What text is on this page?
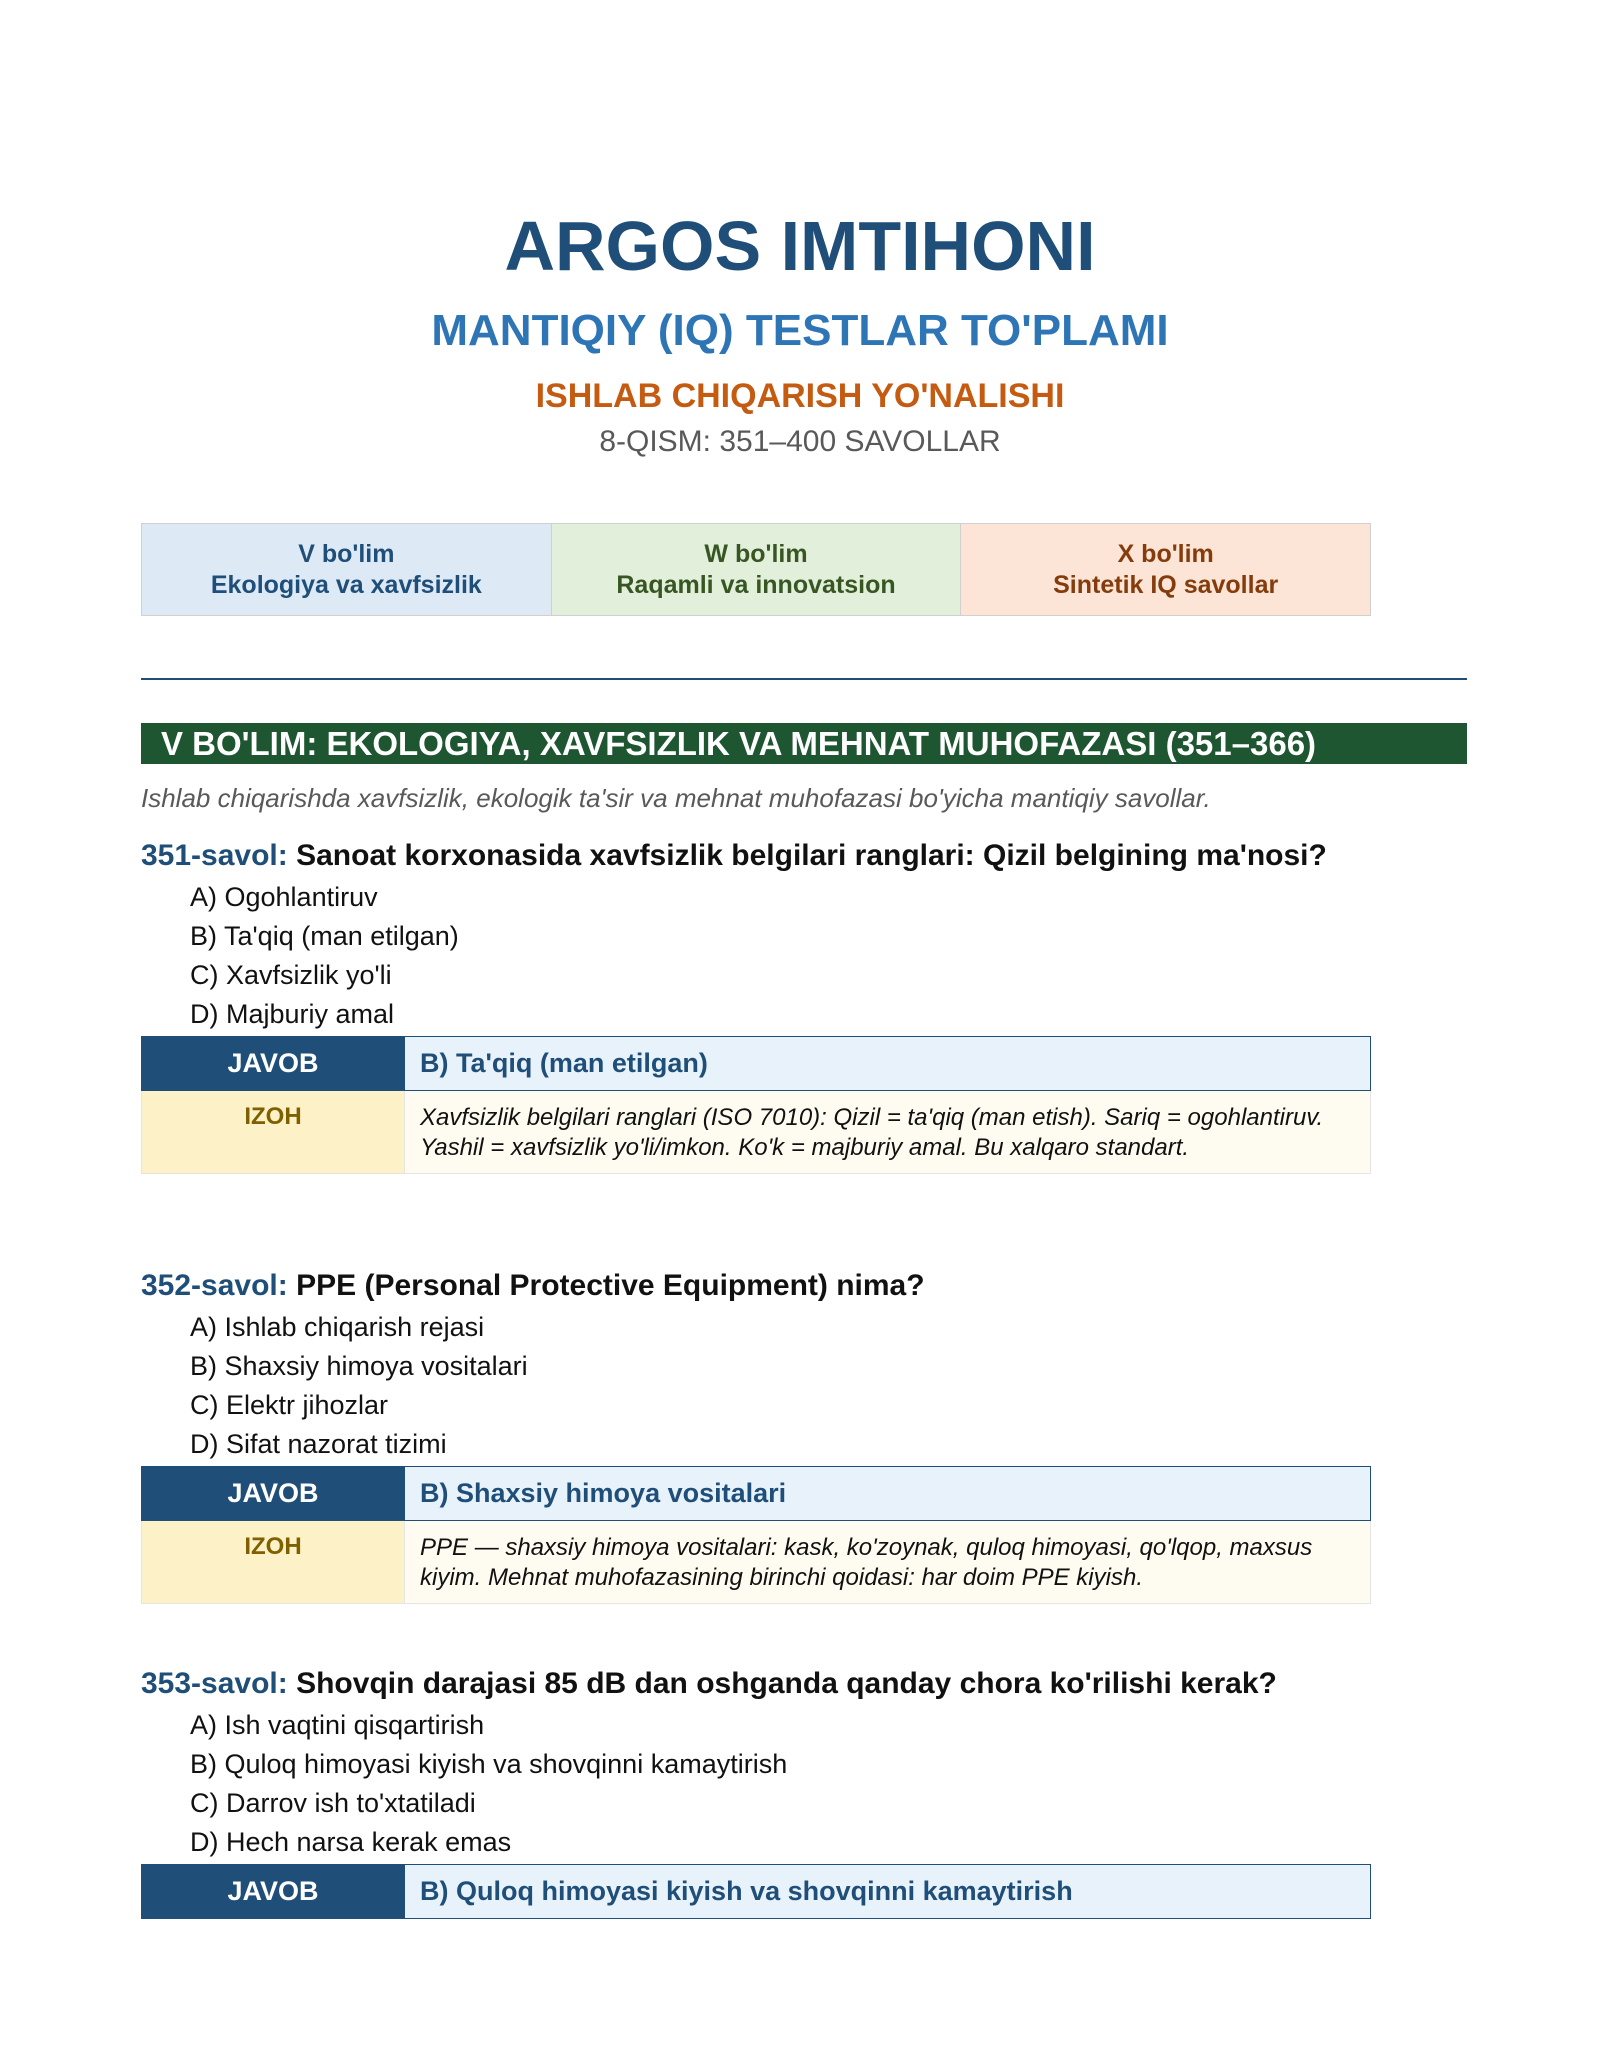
ARGOS IMTIHONI
MANTIQIY (IQ) TESTLAR TO'PLAMI
ISHLAB CHIQARISH YO'NALISHI
8-QISM: 351–400 SAVOLLAR
V bo'lim
Ekologiya va xavfsizlik
W bo'lim
Raqamli va innovatsion
X bo'lim
Sintetik IQ savollar
V BO'LIM: EKOLOGIYA, XAVFSIZLIK VA MEHNAT MUHOFAZASI (351–366)
Ishlab chiqarishda xavfsizlik, ekologik ta'sir va mehnat muhofazasi bo'yicha mantiqiy savollar.
351-savol: Sanoat korxonasida xavfsizlik belgilari ranglari: Qizil belgining ma'nosi?
A) Ogohlantiruv
B) Ta'qiq (man etilgan)
C) Xavfsizlik yo'li
D) Majburiy amal
JAVOB	B) Ta'qiq (man etilgan)
IZOH	Xavfsizlik belgilari ranglari (ISO 7010): Qizil = ta'qiq (man etish). Sariq = ogohlantiruv. Yashil = xavfsizlik yo'li/imkon. Ko'k = majburiy amal. Bu xalqaro standart.
352-savol: PPE (Personal Protective Equipment) nima?
A) Ishlab chiqarish rejasi
B) Shaxsiy himoya vositalari
C) Elektr jihozlar
D) Sifat nazorat tizimi
JAVOB	B) Shaxsiy himoya vositalari
IZOH	PPE — shaxsiy himoya vositalari: kask, ko'zoynak, quloq himoyasi, qo'lqop, maxsus kiyim. Mehnat muhofazasining birinchi qoidasi: har doim PPE kiyish.
353-savol: Shovqin darajasi 85 dB dan oshganda qanday chora ko'rilishi kerak?
A) Ish vaqtini qisqartirish
B) Quloq himoyasi kiyish va shovqinni kamaytirish
C) Darrov ish to'xtatiladi
D) Hech narsa kerak emas
JAVOB	B) Quloq himoyasi kiyish va shovqinni kamaytirish
